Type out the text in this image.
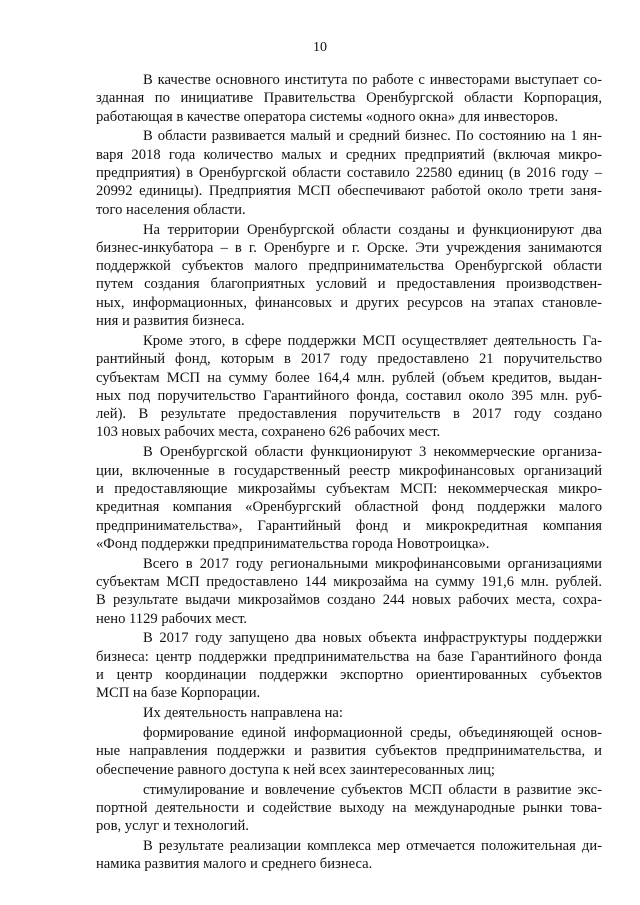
10
В качестве основного института по работе с инвесторами выступает со-
зданная по инициативе Правительства Оренбургской области Корпорация,
работающая в качестве оператора системы «одного окна» для инвесторов.
В области развивается малый и средний бизнес. По состоянию на 1 ян-
варя 2018 года количество малых и средних предприятий (включая микро-
предприятия) в Оренбургской области составило 22580 единиц (в 2016 году –
20992 единицы). Предприятия МСП обеспечивают работой около трети заня-
того населения области.
На территории Оренбургской области созданы и функционируют два
бизнес-инкубатора – в г. Оренбурге и г. Орске. Эти учреждения занимаются
поддержкой субъектов малого предпринимательства Оренбургской области
путем создания благоприятных условий и предоставления производствен-
ных, информационных, финансовых и других ресурсов на этапах становле-
ния и развития бизнеса.
Кроме этого, в сфере поддержки МСП осуществляет деятельность Га-
рантийный фонд, которым в 2017 году предоставлено 21 поручительство
субъектам МСП на сумму более 164,4 млн. рублей (объем кредитов, выдан-
ных под поручительство Гарантийного фонда, составил около 395 млн. руб-
лей). В результате предоставления поручительств в 2017 году создано
103 новых рабочих места, сохранено 626 рабочих мест.
В Оренбургской области функционируют 3 некоммерческие организа-
ции, включенные в государственный реестр микрофинансовых организаций
и предоставляющие микрозаймы субъектам МСП: некоммерческая микро-
кредитная компания «Оренбургский областной фонд поддержки малого
предпринимательства», Гарантийный фонд и микрокредитная компания
«Фонд поддержки предпринимательства города Новотроицка».
Всего в 2017 году региональными микрофинансовыми организациями
субъектам МСП предоставлено 144 микрозайма на сумму 191,6 млн. рублей.
В результате выдачи микрозаймов создано 244 новых рабочих места, сохра-
нено 1129 рабочих мест.
В 2017 году запущено два новых объекта инфраструктуры поддержки
бизнеса: центр поддержки предпринимательства на базе Гарантийного фонда
и центр координации поддержки экспортно ориентированных субъектов
МСП на базе Корпорации.
Их деятельность направлена на:
формирование единой информационной среды, объединяющей основ-
ные направления поддержки и развития субъектов предпринимательства, и
обеспечение равного доступа к ней всех заинтересованных лиц;
стимулирование и вовлечение субъектов МСП области в развитие экс-
портной деятельности и содействие выходу на международные рынки това-
ров, услуг и технологий.
В результате реализации комплекса мер отмечается положительная ди-
намика развития малого и среднего бизнеса.
